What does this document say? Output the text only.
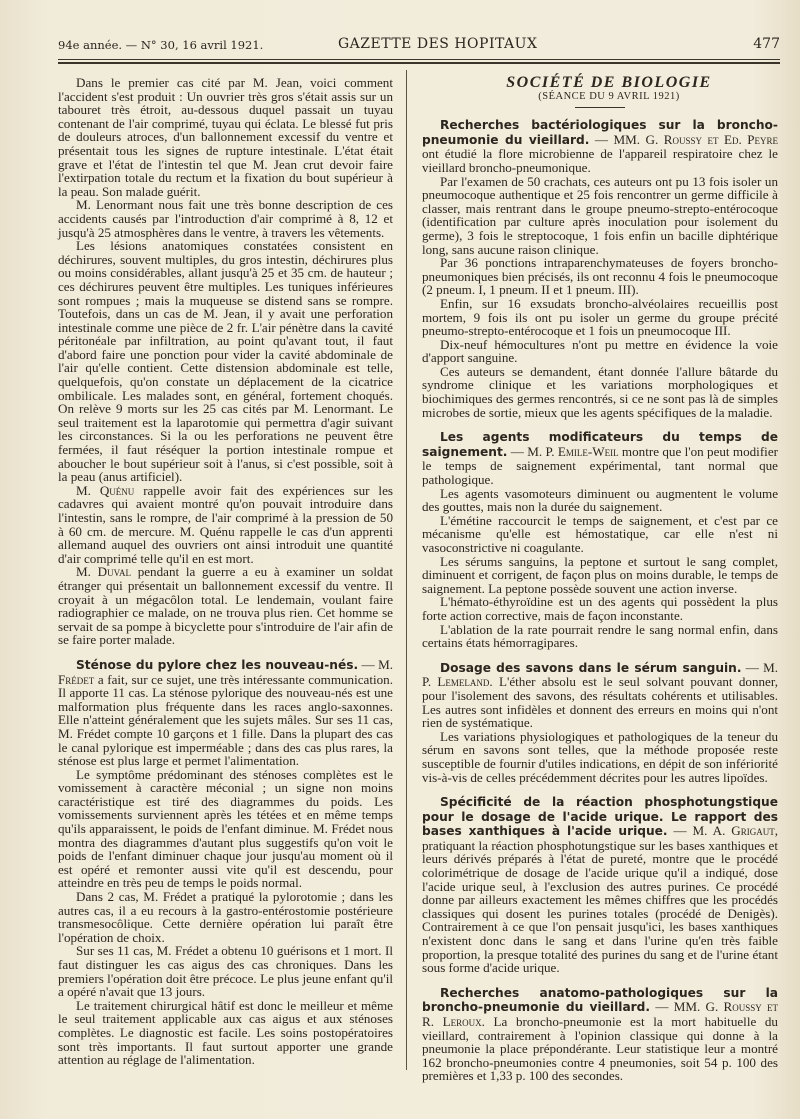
94e année. — N° 30, 16 avril 1921.	GAZETTE DES HOPITAUX	477

Dans le premier cas cité par M. Jean, voici comment l'accident s'est produit : Un ouvrier très gros s'était assis sur un tabouret très étroit, au-dessous duquel passait un tuyau contenant de l'air comprimé, tuyau qui éclata. Le blessé fut pris de douleurs atroces, d'un ballonnement excessif du ventre et présentait tous les signes de rupture intestinale. L'état était grave et l'état de l'intestin tel que M. Jean crut devoir faire l'extirpation totale du rectum et la fixation du bout supérieur à la peau. Son malade guérit.

M. Lenormant nous fait une très bonne description de ces accidents causés par l'introduction d'air comprimé à 8, 12 et jusqu'à 25 atmosphères dans le ventre, à travers les vêtements.

Les lésions anatomiques constatées consistent en déchirures, souvent multiples, du gros intestin, déchirures plus ou moins considérables, allant jusqu'à 25 et 35 cm. de hauteur ; ces déchirures peuvent être multiples. Les tuniques inférieures sont rompues ; mais la muqueuse se distend sans se rompre. Toutefois, dans un cas de M. Jean, il y avait une perforation intestinale comme une pièce de 2 fr. L'air pénètre dans la cavité péritonéale par infiltration, au point qu'avant tout, il faut d'abord faire une ponction pour vider la cavité abdominale de l'air qu'elle contient. Cette distension abdominale est telle, quelquefois, qu'on constate un déplacement de la cicatrice ombilicale. Les malades sont, en général, fortement choqués. On relève 9 morts sur les 25 cas cités par M. Lenormant. Le seul traitement est la laparotomie qui permettra d'agir suivant les circonstances. Si la ou les perforations ne peuvent être fermées, il faut réséquer la portion intestinale rompue et aboucher le bout supérieur soit à l'anus, si c'est possible, soit à la peau (anus artificiel).

M. Quénu rappelle avoir fait des expériences sur les cadavres qui avaient montré qu'on pouvait introduire dans l'intestin, sans le rompre, de l'air comprimé à la pression de 50 à 60 cm. de mercure. M. Quénu rappelle le cas d'un apprenti allemand auquel des ouvriers ont ainsi introduit une quantité d'air comprimé telle qu'il en est mort.

M. Duval pendant la guerre a eu à examiner un soldat étranger qui présentait un ballonnement excessif du ventre. Il croyait à un mégacôlon total. Le lendemain, voulant faire radiographier ce malade, on ne trouva plus rien. Cet homme se servait de sa pompe à bicyclette pour s'introduire de l'air afin de se faire porter malade.

Sténose du pylore chez les nouveau-nés. — M. Frédet a fait, sur ce sujet, une très intéressante communication. Il apporte 11 cas. La sténose pylorique des nouveau-nés est une malformation plus fréquente dans les races anglo-saxonnes. Elle n'atteint généralement que les sujets mâles. Sur ses 11 cas, M. Frédet compte 10 garçons et 1 fille. Dans la plupart des cas le canal pylorique est imperméable ; dans des cas plus rares, la sténose est plus large et permet l'alimentation.

Le symptôme prédominant des sténoses complètes est le vomissement à caractère méconial ; un signe non moins caractéristique est tiré des diagrammes du poids. Les vomissements surviennent après les tétées et en même temps qu'ils apparaissent, le poids de l'enfant diminue. M. Frédet nous montra des diagrammes d'autant plus suggestifs qu'on voit le poids de l'enfant diminuer chaque jour jusqu'au moment où il est opéré et remonter aussi vite qu'il est descendu, pour atteindre en très peu de temps le poids normal.

Dans 2 cas, M. Frédet a pratiqué la pylorotomie ; dans les autres cas, il a eu recours à la gastro-entérostomie postérieure transmesocôlique. Cette dernière opération lui paraît être l'opération de choix.

Sur ses 11 cas, M. Frédet a obtenu 10 guérisons et 1 mort. Il faut distinguer les cas aigus des cas chroniques. Dans les premiers l'opération doit être précoce. Le plus jeune enfant qu'il a opéré n'avait que 13 jours.

Le traitement chirurgical hâtif est donc le meilleur et même le seul traitement applicable aux cas aigus et aux sténoses complètes. Le diagnostic est facile. Les soins postopératoires sont très importants. Il faut surtout apporter une grande attention au réglage de l'alimentation.

SOCIÉTÉ DE BIOLOGIE

(SÉANCE DU 9 AVRIL 1921)

Recherches bactériologiques sur la broncho-pneumonie du vieillard. — MM. G. Roussy et Ed. Peyre ont étudié la flore microbienne de l'appareil respiratoire chez le vieillard broncho-pneumonique.

Par l'examen de 50 crachats, ces auteurs ont pu 13 fois isoler un pneumocoque authentique et 25 fois rencontrer un germe difficile à classer, mais rentrant dans le groupe pneumo-strepto-entérocoque (identification par culture après inoculation pour isolement du germe), 3 fois le streptocoque, 1 fois enfin un bacille diphtérique long, sans aucune raison clinique.

Par 36 ponctions intraparenchymateuses de foyers broncho-pneumoniques bien précisés, ils ont reconnu 4 fois le pneumocoque (2 pneum. I, 1 pneum. II et 1 pneum. III).

Enfin, sur 16 exsudats broncho-alvéolaires recueillis post mortem, 9 fois ils ont pu isoler un germe du groupe précité pneumo-strepto-entérocoque et 1 fois un pneumocoque III.

Dix-neuf hémocultures n'ont pu mettre en évidence la voie d'apport sanguine.

Ces auteurs se demandent, étant donnée l'allure bâtarde du syndrome clinique et les variations morphologiques et biochimiques des germes rencontrés, si ce ne sont pas là de simples microbes de sortie, mieux que les agents spécifiques de la maladie.

Les agents modificateurs du temps de saignement. — M. P. Emile-Weil montre que l'on peut modifier le temps de saignement expérimental, tant normal que pathologique.

Les agents vasomoteurs diminuent ou augmentent le volume des gouttes, mais non la durée du saignement.

L'émétine raccourcit le temps de saignement, et c'est par ce mécanisme qu'elle est hémostatique, car elle n'est ni vasoconstrictive ni coagulante.

Les sérums sanguins, la peptone et surtout le sang complet, diminuent et corrigent, de façon plus on moins durable, le temps de saignement. La peptone possède souvent une action inverse.

L'hémato-éthyroïdine est un des agents qui possèdent la plus forte action corrective, mais de façon inconstante.

L'ablation de la rate pourrait rendre le sang normal enfin, dans certains états hémorragipares.

Dosage des savons dans le sérum sanguin. — M. P. Lemeland. L'éther absolu est le seul solvant pouvant donner, pour l'isolement des savons, des résultats cohérents et utilisables. Les autres sont infidèles et donnent des erreurs en moins qui n'ont rien de systématique.

Les variations physiologiques et pathologiques de la teneur du sérum en savons sont telles, que la méthode proposée reste susceptible de fournir d'utiles indications, en dépit de son infériorité vis-à-vis de celles précédemment décrites pour les autres lipoïdes.

Spécificité de la réaction phosphotungstique pour le dosage de l'acide urique. Le rapport des bases xanthiques à l'acide urique. — M. A. Grigaut, pratiquant la réaction phosphotungstique sur les bases xanthiques et leurs dérivés préparés à l'état de pureté, montre que le procédé colorimétrique de dosage de l'acide urique qu'il a indiqué, dose l'acide urique seul, à l'exclusion des autres purines. Ce procédé donne par ailleurs exactement les mêmes chiffres que les procédés classiques qui dosent les purines totales (procédé de Denigès). Contrairement à ce que l'on pensait jusqu'ici, les bases xanthiques n'existent donc dans le sang et dans l'urine qu'en très faible proportion, la presque totalité des purines du sang et de l'urine étant sous forme d'acide urique.

Recherches anatomo-pathologiques sur la broncho-pneumonie du vieillard. — MM. G. Roussy et R. Leroux. La broncho-pneumonie est la mort habituelle du vieillard, contrairement à l'opinion classique qui donne à la pneumonie la place prépondérante. Leur statistique leur a montré 162 broncho-pneumonies contre 4 pneumonies, soit 54 p. 100 des premières et 1,33 p. 100 des secondes.
